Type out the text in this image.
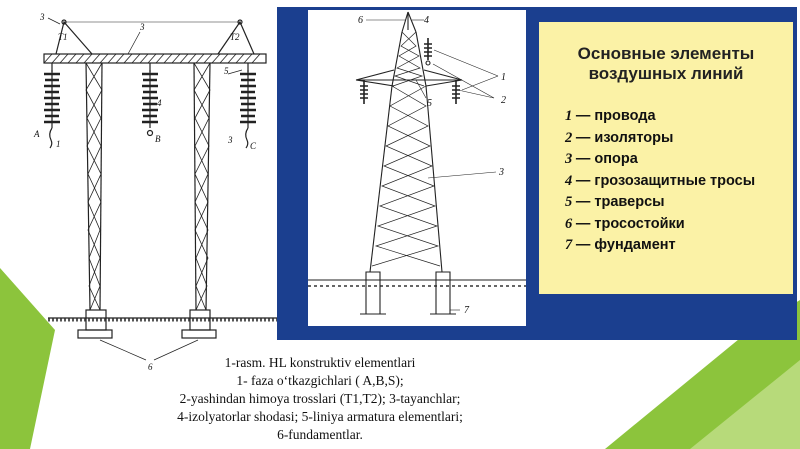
3
3
T1	T2
5
4
A
1	B	3
C
6
6	4
1
5	2
3
7
Основные элементы
воздушных линий
1 — провода
2 — изоляторы
3 — опора
4 — грозозащитные тросы
5 — траверсы
6 — тросостойки
7 — фундамент
1-rasm. HL konstruktiv elementlari
1- faza o‘tkazgichlari ( A,B,S);
2-yashindan himoya trosslari (T1,T2); 3-tayanchlar;
4-izolyatorlar shodasi; 5-liniya armatura elementlari;
6-fundamentlar.
